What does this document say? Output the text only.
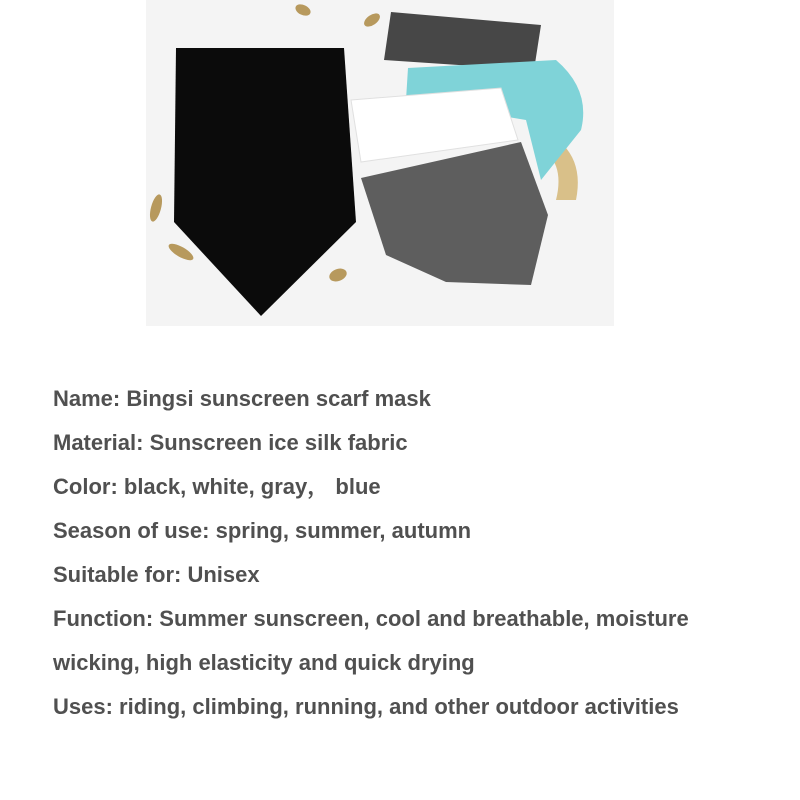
Name: Bingsi sunscreen scarf mask
Material: Sunscreen ice silk fabric
Color: black, white, gray， blue
Season of use: spring, summer, autumn
Suitable for: Unisex
Function: Summer sunscreen, cool and breathable, moisture
wicking, high elasticity and quick drying
Uses: riding, climbing, running, and other outdoor activities
